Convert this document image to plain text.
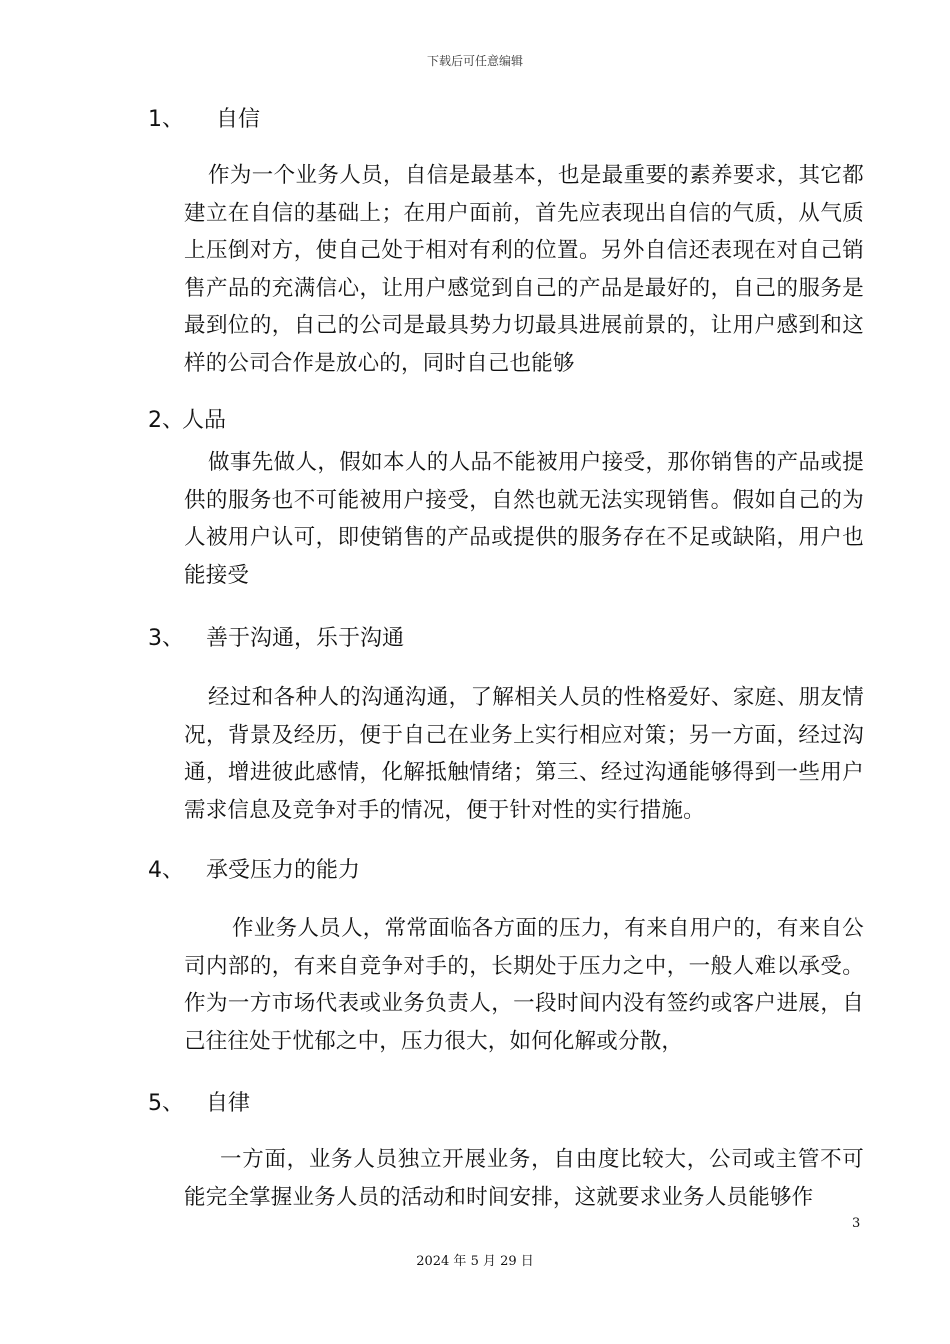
下载后可任意编辑
1、 自信

作为一个业务人员，自信是最基本，也是最重要的素养要求，其它都建立在自信的基础上；在用户面前，首先应表现出自信的气质，从气质上压倒对方，使自己处于相对有利的位置。另外自信还表现在对自己销售产品的充满信心，让用户感觉到自己的产品是最好的，自己的服务是最到位的，自己的公司是最具势力切最具进展前景的，让用户感到和这样的公司合作是放心的，同时自己也能够

2、人品

做事先做人，假如本人的人品不能被用户接受，那你销售的产品或提供的服务也不可能被用户接受，自然也就无法实现销售。假如自己的为人被用户认可，即使销售的产品或提供的服务存在不足或缺陷，用户也能接受

3、 善于沟通，乐于沟通

经过和各种人的沟通沟通，了解相关人员的性格爱好、家庭、朋友情况，背景及经历，便于自己在业务上实行相应对策；另一方面，经过沟通，增进彼此感情，化解抵触情绪；第三、经过沟通能够得到一些用户需求信息及竞争对手的情况，便于针对性的实行措施。

4、 承受压力的能力

作业务人员人，常常面临各方面的压力，有来自用户的，有来自公司内部的，有来自竞争对手的，长期处于压力之中，一般人难以承受。作为一方市场代表或业务负责人，一段时间内没有签约或客户进展，自己往往处于忧郁之中，压力很大，如何化解或分散，

5、 自律

一方面，业务人员独立开展业务，自由度比较大，公司或主管不可能完全掌握业务人员的活动和时间安排，这就要求业务人员能够作

3
2024 年 5 月 29 日
